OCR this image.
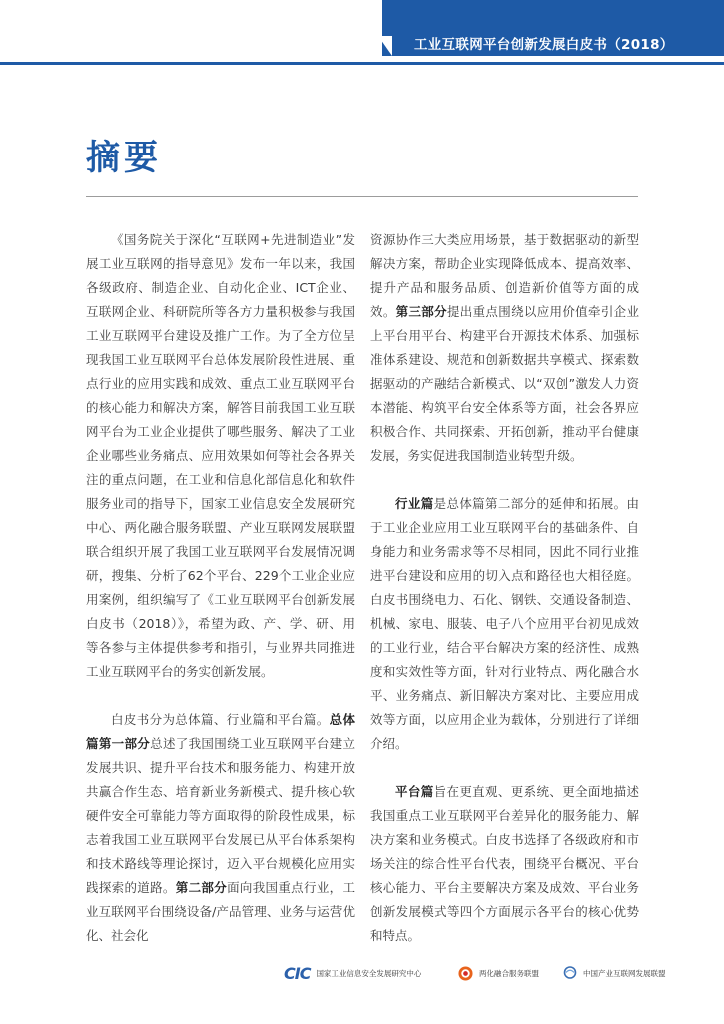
工业互联网平台创新发展白皮书（2018）
摘要

《国务院关于深化“互联网+先进制造业”发展工业互联网的指导意见》发布一年以来，我国各级政府、制造企业、自动化企业、ICT企业、互联网企业、科研院所等各方力量积极参与我国工业互联网平台建设及推广工作。为了全方位呈现我国工业互联网平台总体发展阶段性进展、重点行业的应用实践和成效、重点工业互联网平台的核心能力和解决方案，解答目前我国工业互联网平台为工业企业提供了哪些服务、解决了工业企业哪些业务痛点、应用效果如何等社会各界关注的重点问题，在工业和信息化部信息化和软件服务业司的指导下，国家工业信息安全发展研究中心、两化融合服务联盟、产业互联网发展联盟联合组织开展了我国工业互联网平台发展情况调研，搜集、分析了62个平台、229个工业企业应用案例，组织编写了《工业互联网平台创新发展白皮书（2018）》，希望为政、产、学、研、用等各参与主体提供参考和指引，与业界共同推进工业互联网平台的务实创新发展。

白皮书分为总体篇、行业篇和平台篇。总体篇第一部分总述了我国围绕工业互联网平台建立发展共识、提升平台技术和服务能力、构建开放共赢合作生态、培育新业务新模式、提升核心软硬件安全可靠能力等方面取得的阶段性成果，标志着我国工业互联网平台发展已从平台体系架构和技术路线等理论探讨，迈入平台规模化应用实践探索的道路。第二部分面向我国重点行业，工业互联网平台围绕设备/产品管理、业务与运营优化、社会化

资源协作三大类应用场景，基于数据驱动的新型解决方案，帮助企业实现降低成本、提高效率、提升产品和服务品质、创造新价值等方面的成效。第三部分提出重点围绕以应用价值牵引企业上平台用平台、构建平台开源技术体系、加强标准体系建设、规范和创新数据共享模式、探索数据驱动的产融结合新模式、以“双创”激发人力资本潜能、构筑平台安全体系等方面，社会各界应积极合作、共同探索、开拓创新，推动平台健康发展，务实促进我国制造业转型升级。

行业篇是总体篇第二部分的延伸和拓展。由于工业企业应用工业互联网平台的基础条件、自身能力和业务需求等不尽相同，因此不同行业推进平台建设和应用的切入点和路径也大相径庭。白皮书围绕电力、石化、钢铁、交通设备制造、机械、家电、服装、电子八个应用平台初见成效的工业行业，结合平台解决方案的经济性、成熟度和实效性等方面，针对行业特点、两化融合水平、业务痛点、新旧解决方案对比、主要应用成效等方面，以应用企业为载体，分别进行了详细介绍。

平台篇旨在更直观、更系统、更全面地描述我国重点工业互联网平台差异化的服务能力、解决方案和业务模式。白皮书选择了各级政府和市场关注的综合性平台代表，围绕平台概况、平台核心能力、平台主要解决方案及成效、平台业务创新发展模式等四个方面展示各平台的核心优势和特点。

CIC 国家工业信息安全发展研究中心	两化融合服务联盟	中国产业互联网发展联盟
